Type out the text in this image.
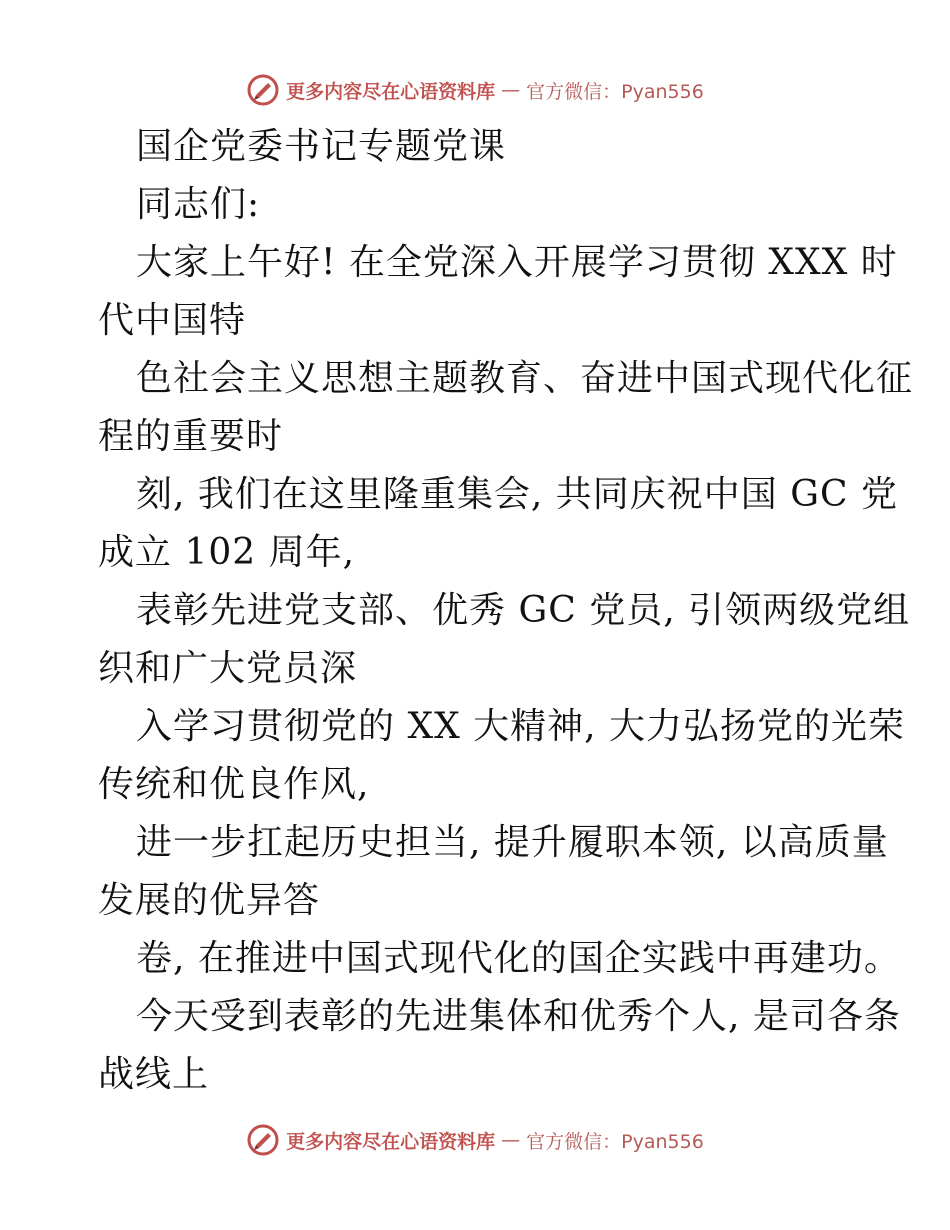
更多内容尽在心语资料库 — 官方微信：Pyan556
国企党委书记专题党课
同志们:
大家上午好! 在全党深入开展学习贯彻 XXX 时
代中国特
色社会主义思想主题教育、奋进中国式现代化征
程的重要时
刻, 我们在这里隆重集会, 共同庆祝中国 GC 党
成立 102 周年,
表彰先进党支部、优秀 GC 党员, 引领两级党组
织和广大党员深
入学习贯彻党的 XX 大精神, 大力弘扬党的光荣
传统和优良作风,
进一步扛起历史担当, 提升履职本领, 以高质量
发展的优异答
卷, 在推进中国式现代化的国企实践中再建功。
今天受到表彰的先进集体和优秀个人, 是司各条
战线上
更多内容尽在心语资料库 — 官方微信：Pyan556
